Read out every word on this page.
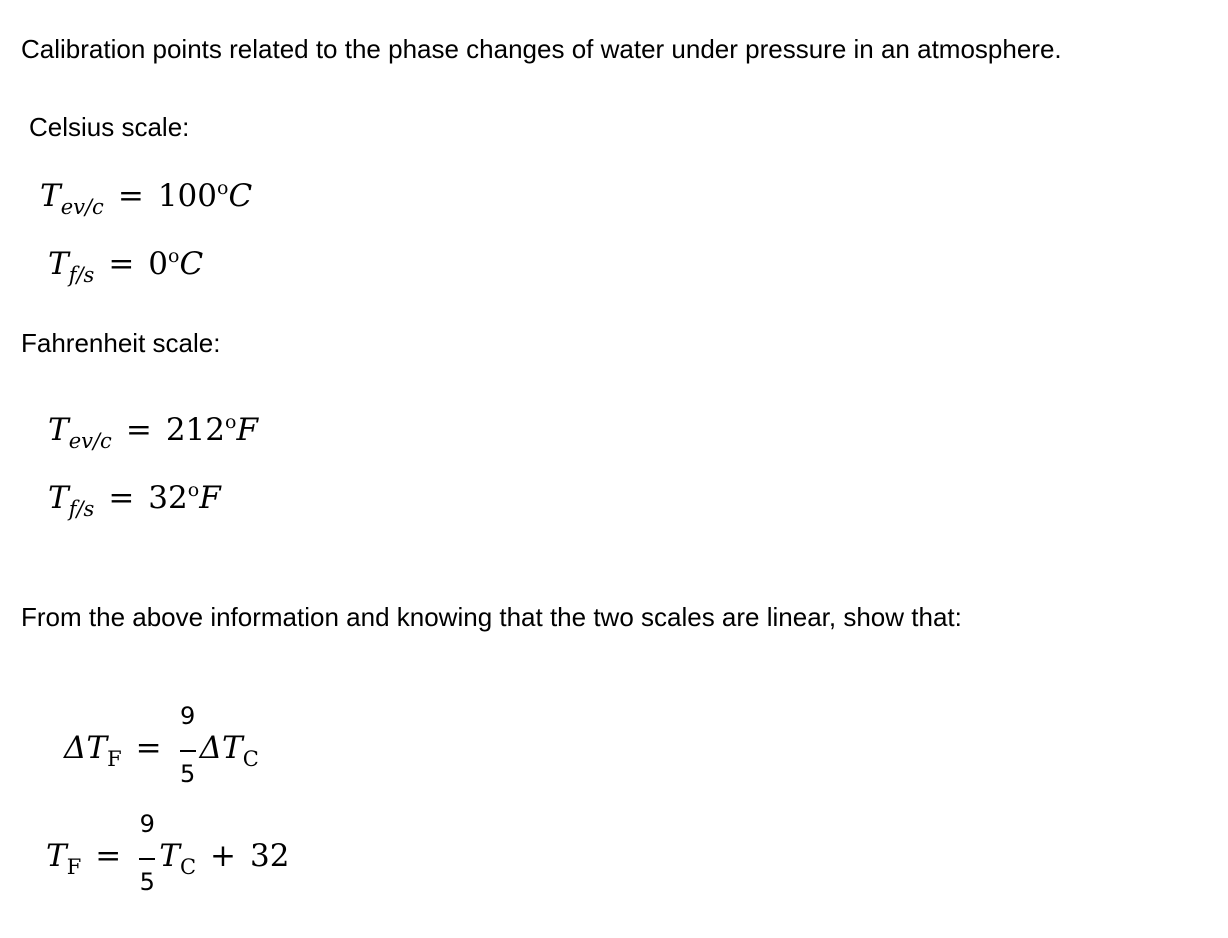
Calibration points related to the phase changes of water under pressure in an atmosphere.
Celsius scale:
$T_{ev/c} = 100^oC$
$T_{f/s} = 0^oC$
Fahrenheit scale:
$T_{ev/c} = 212^oF$
$T_{f/s} = 32^oF$
From the above information and knowing that the two scales are linear, show that:
$\Delta T_F = \frac{9}{5} \Delta T_C$
$T_F = \frac{9}{5} T_C + 32$
